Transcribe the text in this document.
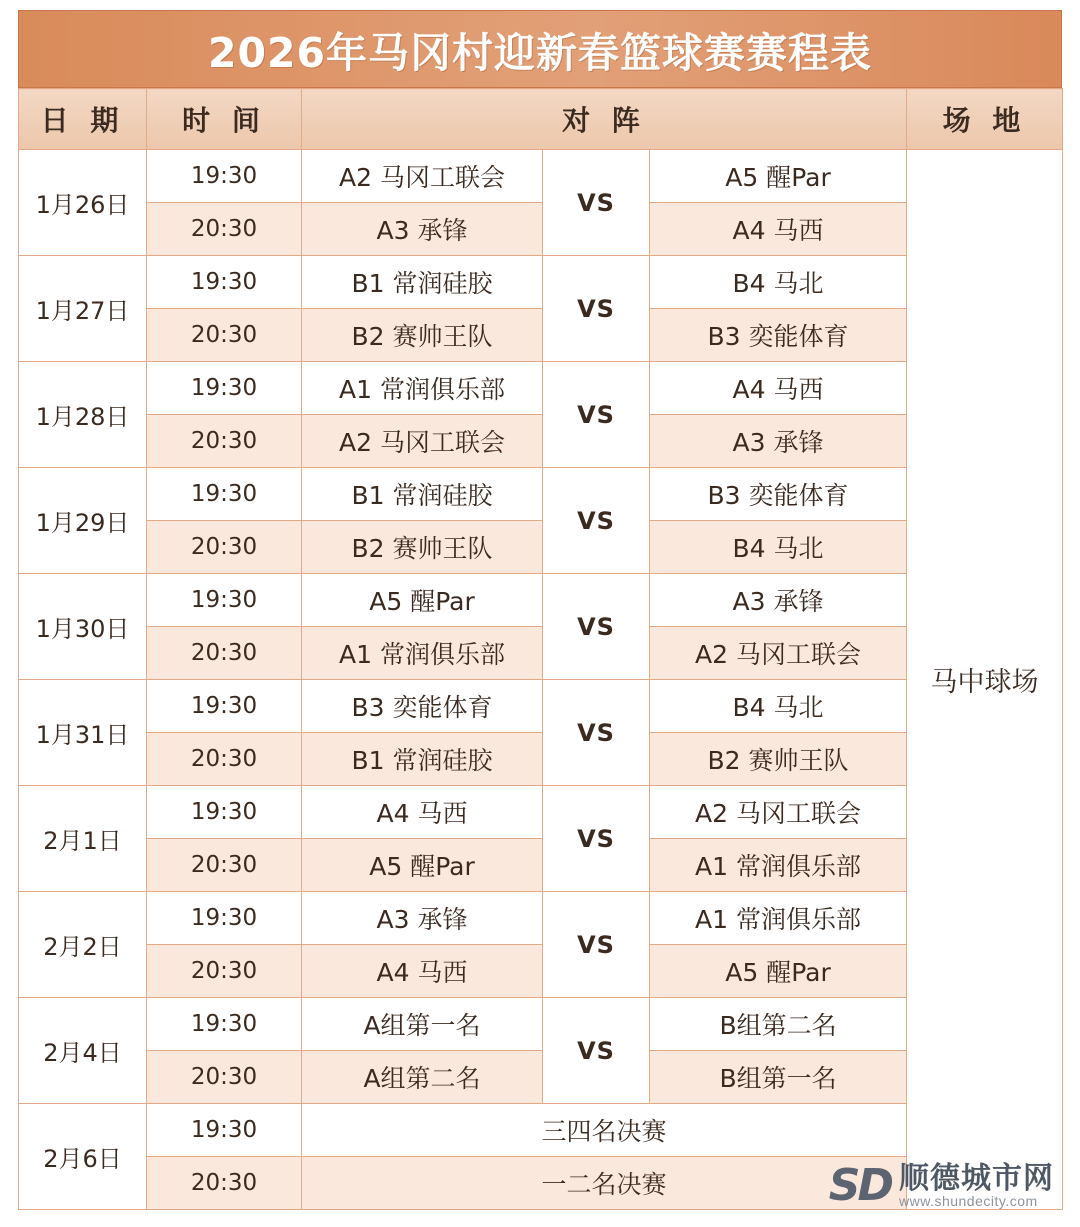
2026年马冈村迎新春篮球赛赛程表
日 期	时 间	对 阵			场 地
1月26日	19:30	A2 马冈工联会	VS	A5 醒Par	马中球场
	20:30	A3 承锋		A4 马西	
1月27日	19:30	B1 常润硅胶	VS	B4 马北	
	20:30	B2 赛帅王队		B3 奕能体育	
1月28日	19:30	A1 常润俱乐部	VS	A4 马西	
	20:30	A2 马冈工联会		A3 承锋	
1月29日	19:30	B1 常润硅胶	VS	B3 奕能体育	
	20:30	B2 赛帅王队		B4 马北	
1月30日	19:30	A5 醒Par	VS	A3 承锋	
	20:30	A1 常润俱乐部		A2 马冈工联会	
1月31日	19:30	B3 奕能体育	VS	B4 马北	
	20:30	B1 常润硅胶		B2 赛帅王队	
2月1日	19:30	A4 马西	VS	A2 马冈工联会	
	20:30	A5 醒Par		A1 常润俱乐部	
2月2日	19:30	A3 承锋	VS	A1 常润俱乐部	
	20:30	A4 马西		A5 醒Par	
2月4日	19:30	A组第一名	VS	B组第二名	
	20:30	A组第二名		B组第一名	
2月6日	19:30	三四名决赛			
	20:30	一二名决赛				SD 顺德城市网
www.shundecity.com
